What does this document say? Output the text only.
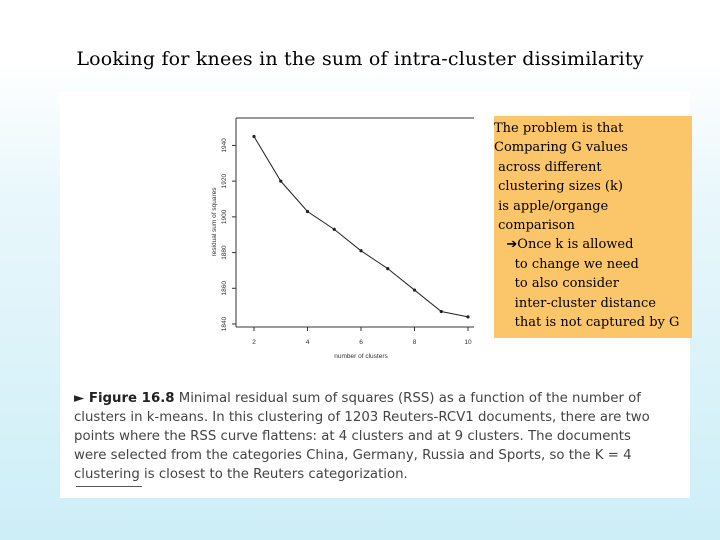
Looking for knees in the sum of intra-cluster dissimilarity
2	4	6	8	10
1840
1860
1880
1900
1920
1940
number of clusters
residual sum of squares
The problem is that
Comparing G values
across different
clustering sizes (k)
is apple/organge
comparison
➔Once k is allowed
to change we need
to also consider
inter-cluster distance
that is not captured by G
► Figure 16.8 Minimal residual sum of squares (RSS) as a function of the number of
clusters in k-means. In this clustering of 1203 Reuters-RCV1 documents, there are two
points where the RSS curve flattens: at 4 clusters and at 9 clusters. The documents
were selected from the categories China, Germany, Russia and Sports, so the K = 4
clustering is closest to the Reuters categorization.
